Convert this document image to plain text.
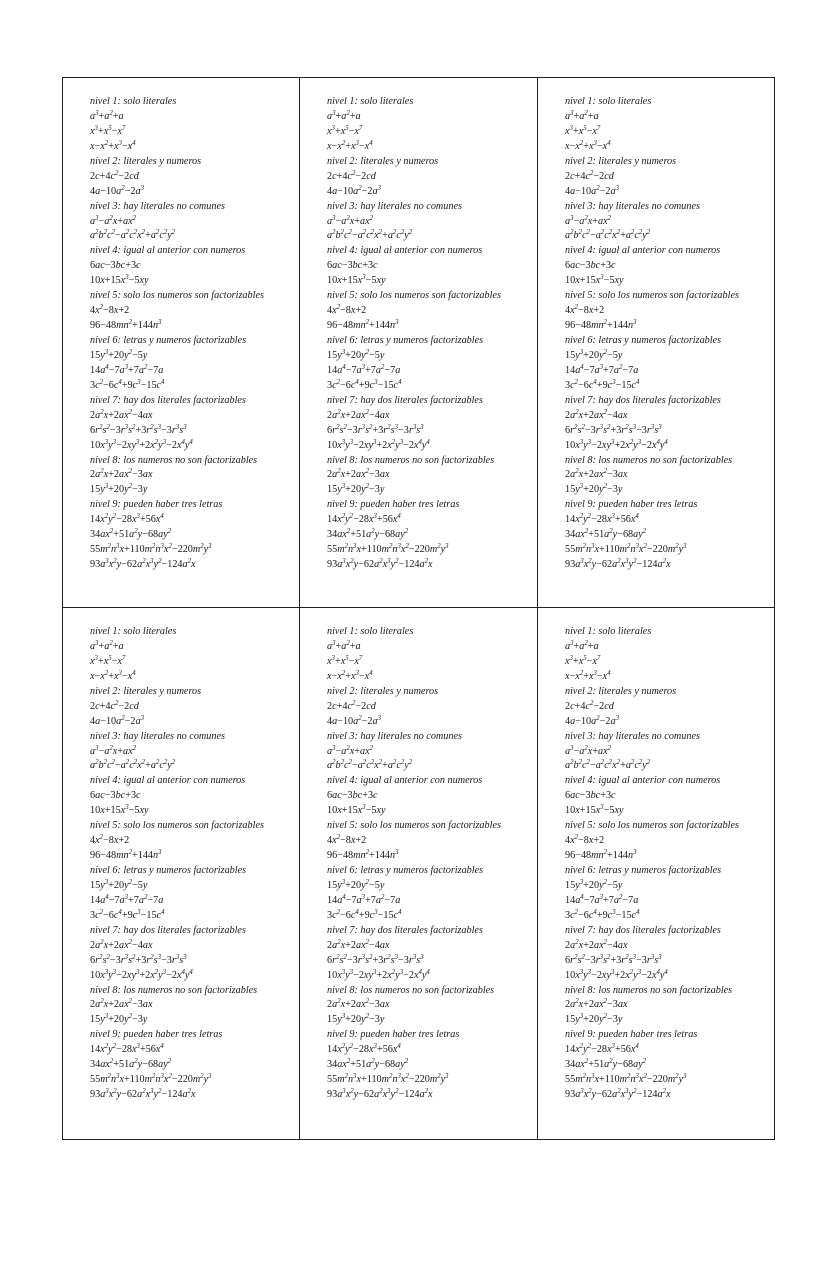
nivel 1: solo literales
$a^3+a^2+a$
$x^3+x^5-x^7$
$x-x^2+x^3-x^4$
nivel 2: literales y numeros
$2c+4c^2-2cd$
$4a-10a^2-2a^3$
nivel 3: hay literales no comunes
$a^3-a^2x+ax^2$
$a^2b^2c^2-a^2c^2x^2+a^2c^2y^2$
nivel 4: igual al anterior con numeros
6ac−3bc+3c
$10x+15x^3-5xy$
nivel 5: solo los numeros son factorizables
$4x^2-8x+2$
$96-48mn^2+144n^3$
nivel 6: letras y numeros factorizables
$15y^3+20y^2-5y$
$14a^4-7a^3+7a^2-7a$
$3c^2-6c^4+9c^3-15c^4$
nivel 7: hay dos literales factorizables
$2a^2x+2ax^2-4ax$
$6r^2s^2-3r^3s^2+3r^2s^3-3r^3s^3$
$10x^3y^3-2xy^3+2x^2y^3-2x^4y^4$
nivel 8: los numeros no son factorizables
$2a^2x+2ax^2-3ax$
$15y^3+20y^2-3y$
nivel 9: pueden haber tres letras
$14x^2y^2-28x^3+56x^4$
$34ax^2+51a^2y-68ay^2$
$55m^2n^3x+110m^2n^3x^2-220m^2y^3$
$93a^3x^2y-62a^2x^3y^2-124a^2x$
nivel 1: solo literales
$a^3+a^2+a$
$x^3+x^5-x^7$
$x-x^2+x^3-x^4$
nivel 2: literales y numeros
$2c+4c^2-2cd$
$4a-10a^2-2a^3$
nivel 3: hay literales no comunes
$a^3-a^2x+ax^2$
$a^2b^2c^2-a^2c^2x^2+a^2c^2y^2$
nivel 4: igual al anterior con numeros
6ac−3bc+3c
$10x+15x^3-5xy$
nivel 5: solo los numeros son factorizables
$4x^2-8x+2$
$96-48mn^2+144n^3$
nivel 6: letras y numeros factorizables
$15y^3+20y^2-5y$
$14a^4-7a^3+7a^2-7a$
$3c^2-6c^4+9c^3-15c^4$
nivel 7: hay dos literales factorizables
$2a^2x+2ax^2-4ax$
$6r^2s^2-3r^3s^2+3r^2s^3-3r^3s^3$
$10x^3y^3-2xy^3+2x^2y^3-2x^4y^4$
nivel 8: los numeros no son factorizables
$2a^2x+2ax^2-3ax$
$15y^3+20y^2-3y$
nivel 9: pueden haber tres letras
$14x^2y^2-28x^3+56x^4$
$34ax^2+51a^2y-68ay^2$
$55m^2n^3x+110m^2n^3x^2-220m^2y^3$
$93a^3x^2y-62a^2x^3y^2-124a^2x$
nivel 1: solo literales
$a^3+a^2+a$
$x^3+x^5-x^7$
$x-x^2+x^3-x^4$
nivel 2: literales y numeros
$2c+4c^2-2cd$
$4a-10a^2-2a^3$
nivel 3: hay literales no comunes
$a^3-a^2x+ax^2$
$a^2b^2c^2-a^2c^2x^2+a^2c^2y^2$
nivel 4: igual al anterior con numeros
6ac−3bc+3c
$10x+15x^3-5xy$
nivel 5: solo los numeros son factorizables
$4x^2-8x+2$
$96-48mn^2+144n^3$
nivel 6: letras y numeros factorizables
$15y^3+20y^2-5y$
$14a^4-7a^3+7a^2-7a$
$3c^2-6c^4+9c^3-15c^4$
nivel 7: hay dos literales factorizables
$2a^2x+2ax^2-4ax$
$6r^2s^2-3r^3s^2+3r^2s^3-3r^3s^3$
$10x^3y^3-2xy^3+2x^2y^3-2x^4y^4$
nivel 8: los numeros no son factorizables
$2a^2x+2ax^2-3ax$
$15y^3+20y^2-3y$
nivel 9: pueden haber tres letras
$14x^2y^2-28x^3+56x^4$
$34ax^2+51a^2y-68ay^2$
$55m^2n^3x+110m^2n^3x^2-220m^2y^3$
$93a^3x^2y-62a^2x^3y^2-124a^2x$
nivel 1: solo literales
$a^3+a^2+a$
$x^3+x^5-x^7$
$x-x^2+x^3-x^4$
nivel 2: literales y numeros
$2c+4c^2-2cd$
$4a-10a^2-2a^3$
nivel 3: hay literales no comunes
$a^3-a^2x+ax^2$
$a^2b^2c^2-a^2c^2x^2+a^2c^2y^2$
nivel 4: igual al anterior con numeros
6ac−3bc+3c
$10x+15x^3-5xy$
nivel 5: solo los numeros son factorizables
$4x^2-8x+2$
$96-48mn^2+144n^3$
nivel 6: letras y numeros factorizables
$15y^3+20y^2-5y$
$14a^4-7a^3+7a^2-7a$
$3c^2-6c^4+9c^3-15c^4$
nivel 7: hay dos literales factorizables
$2a^2x+2ax^2-4ax$
$6r^2s^2-3r^3s^2+3r^2s^3-3r^3s^3$
$10x^3y^3-2xy^3+2x^2y^3-2x^4y^4$
nivel 8: los numeros no son factorizables
$2a^2x+2ax^2-3ax$
$15y^3+20y^2-3y$
nivel 9: pueden haber tres letras
$14x^2y^2-28x^3+56x^4$
$34ax^2+51a^2y-68ay^2$
$55m^2n^3x+110m^2n^3x^2-220m^2y^3$
$93a^3x^2y-62a^2x^3y^2-124a^2x$
nivel 1: solo literales
$a^3+a^2+a$
$x^3+x^5-x^7$
$x-x^2+x^3-x^4$
nivel 2: literales y numeros
$2c+4c^2-2cd$
$4a-10a^2-2a^3$
nivel 3: hay literales no comunes
$a^3-a^2x+ax^2$
$a^2b^2c^2-a^2c^2x^2+a^2c^2y^2$
nivel 4: igual al anterior con numeros
6ac−3bc+3c
$10x+15x^3-5xy$
nivel 5: solo los numeros son factorizables
$4x^2-8x+2$
$96-48mn^2+144n^3$
nivel 6: letras y numeros factorizables
$15y^3+20y^2-5y$
$14a^4-7a^3+7a^2-7a$
$3c^2-6c^4+9c^3-15c^4$
nivel 7: hay dos literales factorizables
$2a^2x+2ax^2-4ax$
$6r^2s^2-3r^3s^2+3r^2s^3-3r^3s^3$
$10x^3y^3-2xy^3+2x^2y^3-2x^4y^4$
nivel 8: los numeros no son factorizables
$2a^2x+2ax^2-3ax$
$15y^3+20y^2-3y$
nivel 9: pueden haber tres letras
$14x^2y^2-28x^3+56x^4$
$34ax^2+51a^2y-68ay^2$
$55m^2n^3x+110m^2n^3x^2-220m^2y^3$
$93a^3x^2y-62a^2x^3y^2-124a^2x$
nivel 1: solo literales
$a^3+a^2+a$
$x^3+x^5-x^7$
$x-x^2+x^3-x^4$
nivel 2: literales y numeros
$2c+4c^2-2cd$
$4a-10a^2-2a^3$
nivel 3: hay literales no comunes
$a^3-a^2x+ax^2$
$a^2b^2c^2-a^2c^2x^2+a^2c^2y^2$
nivel 4: igual al anterior con numeros
6ac−3bc+3c
$10x+15x^3-5xy$
nivel 5: solo los numeros son factorizables
$4x^2-8x+2$
$96-48mn^2+144n^3$
nivel 6: letras y numeros factorizables
$15y^3+20y^2-5y$
$14a^4-7a^3+7a^2-7a$
$3c^2-6c^4+9c^3-15c^4$
nivel 7: hay dos literales factorizables
$2a^2x+2ax^2-4ax$
$6r^2s^2-3r^3s^2+3r^2s^3-3r^3s^3$
$10x^3y^3-2xy^3+2x^2y^3-2x^4y^4$
nivel 8: los numeros no son factorizables
$2a^2x+2ax^2-3ax$
$15y^3+20y^2-3y$
nivel 9: pueden haber tres letras
$14x^2y^2-28x^3+56x^4$
$34ax^2+51a^2y-68ay^2$
$55m^2n^3x+110m^2n^3x^2-220m^2y^3$
$93a^3x^2y-62a^2x^3y^2-124a^2x$
